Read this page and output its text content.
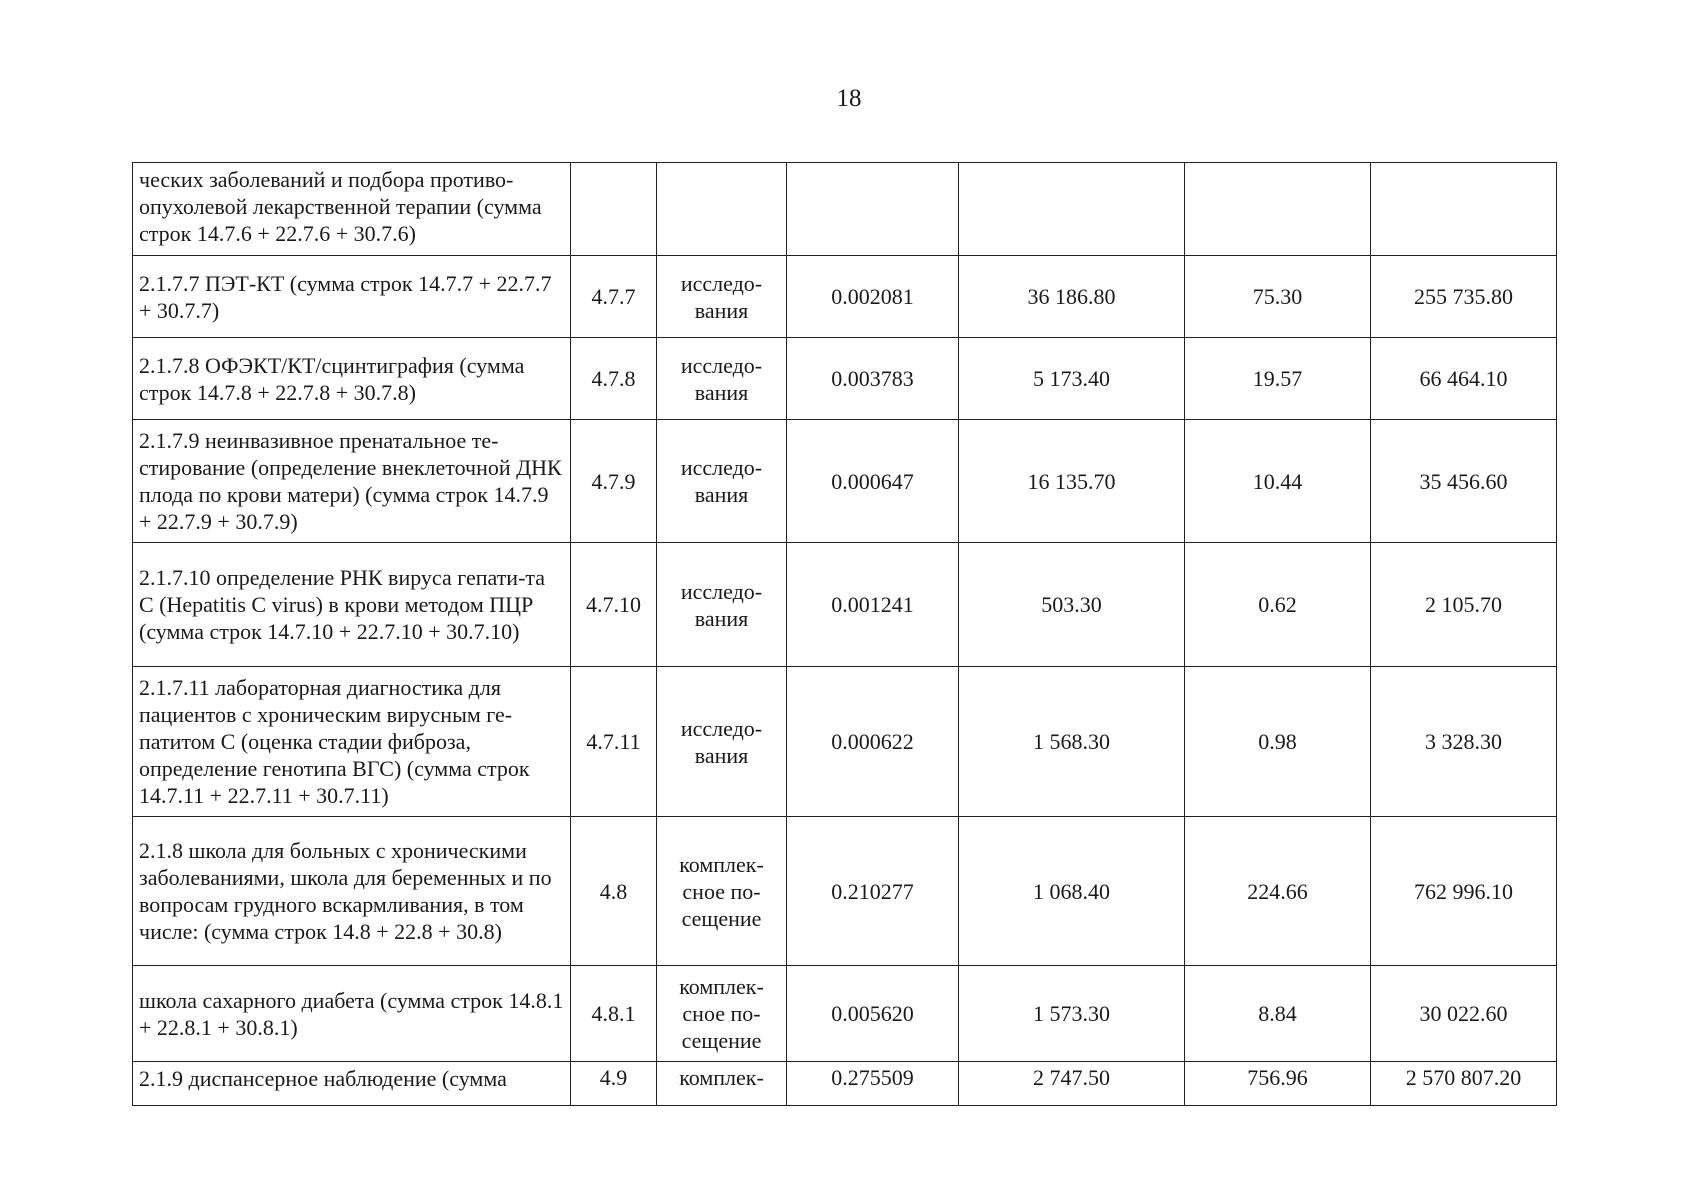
18
ческих заболеваний и подбора противо-опухолевой лекарственной терапии (сумма строк 14.7.6 + 22.7.6 + 30.7.6)						
2.1.7.7 ПЭТ-КТ (сумма строк 14.7.7 + 22.7.7 + 30.7.7)	4.7.7	исследо-вания	0.002081	36 186.80	75.30	255 735.80
2.1.7.8 ОФЭКТ/КТ/сцинтиграфия (сумма строк 14.7.8 + 22.7.8 + 30.7.8)	4.7.8	исследо-вания	0.003783	5 173.40	19.57	66 464.10
2.1.7.9 неинвазивное пренатальное те-стирование (определение внеклеточной ДНК плода по крови матери) (сумма строк 14.7.9 + 22.7.9 + 30.7.9)	4.7.9	исследо-вания	0.000647	16 135.70	10.44	35 456.60
2.1.7.10 определение РНК вируса гепати-та С (Hepatitis C virus) в крови методом ПЦР (сумма строк 14.7.10 + 22.7.10 + 30.7.10)	4.7.10	исследо-вания	0.001241	503.30	0.62	2 105.70
2.1.7.11 лабораторная диагностика для пациентов с хроническим вирусным ге-патитом С (оценка стадии фиброза, определение генотипа ВГС) (сумма строк 14.7.11 + 22.7.11 + 30.7.11)	4.7.11	исследо-вания	0.000622	1 568.30	0.98	3 328.30
2.1.8 школа для больных с хроническими заболеваниями, школа для беременных и по вопросам грудного вскармливания, в том числе: (сумма строк 14.8 + 22.8 + 30.8)	4.8	комплек-сное по-сещение	0.210277	1 068.40	224.66	762 996.10
школа сахарного диабета (сумма строк 14.8.1 + 22.8.1 + 30.8.1)	4.8.1	комплек-сное по-сещение	0.005620	1 573.30	8.84	30 022.60
2.1.9 диспансерное наблюдение (сумма	4.9	комплек-	0.275509	2 747.50	756.96	2 570 807.20
